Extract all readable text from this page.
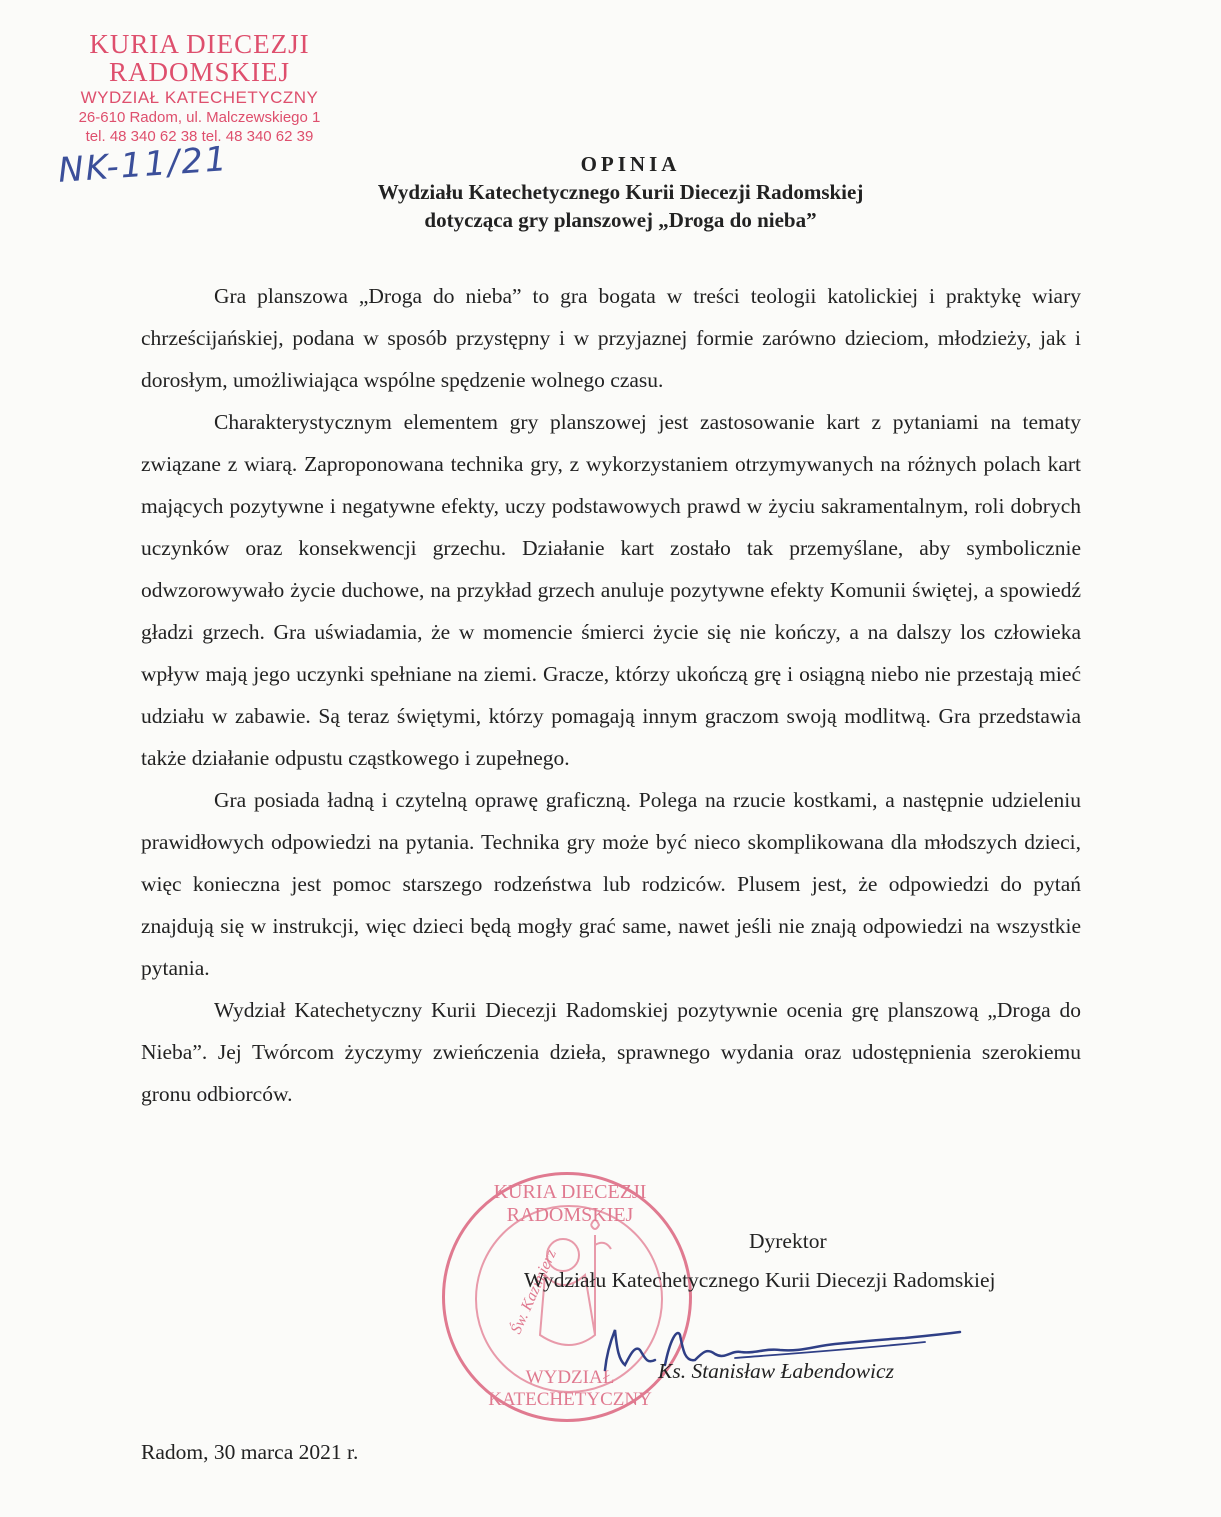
KURIA DIECEZJI
RADOMSKIEJ
WYDZIAŁ KATECHETYCZNY
26-610 Radom, ul. Malczewskiego 1
tel. 48 340 62 38 tel. 48 340 62 39
NK-11/21	OPINIA
Wydziału Katechetycznego Kurii Diecezji Radomskiej
dotycząca gry planszowej „Droga do nieba”

Gra planszowa „Droga do nieba” to gra bogata w treści teologii katolickiej i praktykę wiary chrześcijańskiej, podana w sposób przystępny i w przyjaznej formie zarówno dzieciom, młodzieży, jak i dorosłym, umożliwiająca wspólne spędzenie wolnego czasu.

Charakterystycznym elementem gry planszowej jest zastosowanie kart z pytaniami na tematy związane z wiarą. Zaproponowana technika gry, z wykorzystaniem otrzymywanych na różnych polach kart mających pozytywne i negatywne efekty, uczy podstawowych prawd w życiu sakramentalnym, roli dobrych uczynków oraz konsekwencji grzechu. Działanie kart zostało tak przemyślane, aby symbolicznie odwzorowywało życie duchowe, na przykład grzech anuluje pozytywne efekty Komunii świętej, a spowiedź gładzi grzech. Gra uświadamia, że w momencie śmierci życie się nie kończy, a na dalszy los człowieka wpływ mają jego uczynki spełniane na ziemi. Gracze, którzy ukończą grę i osiągną niebo nie przestają mieć udziału w zabawie. Są teraz świętymi, którzy pomagają innym graczom swoją modlitwą. Gra przedstawia także działanie odpustu cząstkowego i zupełnego.

Gra posiada ładną i czytelną oprawę graficzną. Polega na rzucie kostkami, a następnie udzieleniu prawidłowych odpowiedzi na pytania. Technika gry może być nieco skomplikowana dla młodszych dzieci, więc konieczna jest pomoc starszego rodzeństwa lub rodziców. Plusem jest, że odpowiedzi do pytań znajdują się w instrukcji, więc dzieci będą mogły grać same, nawet jeśli nie znają odpowiedzi na wszystkie pytania.

Wydział Katechetyczny Kurii Diecezji Radomskiej pozytywnie ocenia grę planszową „Droga do Nieba”. Jej Twórcom życzymy zwieńczenia dzieła, sprawnego wydania oraz udostępnienia szerokiemu gronu odbiorców.

KURIA DIECEZJI RADOMSKIEJ
Św. Kazimierz
WYDZIAŁ KATECHETYCZNY
Dyrektor
Wydziału Katechetycznego Kurii Diecezji Radomskiej
Ks. Stanisław Łabendowicz
Radom, 30 marca 2021 r.
